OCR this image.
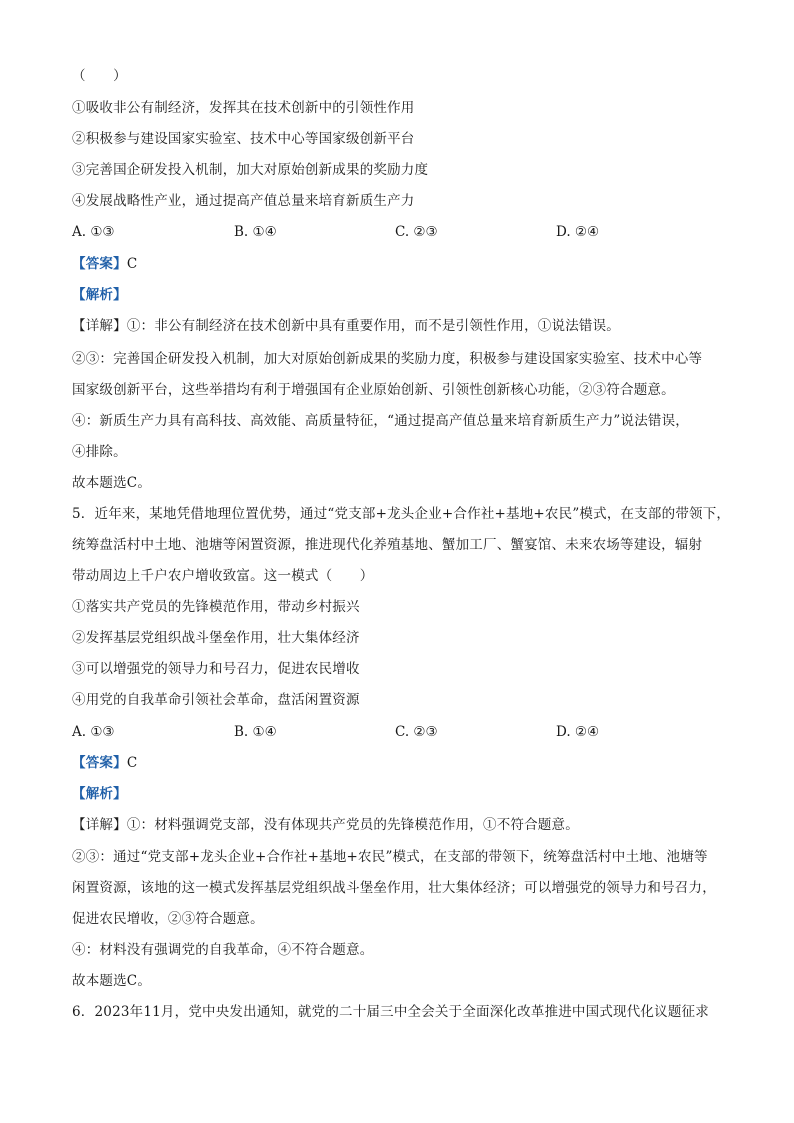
（　　）
①吸收非公有制经济，发挥其在技术创新中的引领性作用
②积极参与建设国家实验室、技术中心等国家级创新平台
③完善国企研发投入机制，加大对原始创新成果的奖励力度
④发展战略性产业，通过提高产值总量来培育新质生产力
A. ①③	B. ①④	C. ②③	D. ②④
【答案】C
【解析】
【详解】①：非公有制经济在技术创新中具有重要作用，而不是引领性作用，①说法错误。
②③：完善国企研发投入机制，加大对原始创新成果的奖励力度，积极参与建设国家实验室、技术中心等
国家级创新平台，这些举措均有利于增强国有企业原始创新、引领性创新核心功能，②③符合题意。
④：新质生产力具有高科技、高效能、高质量特征，“通过提高产值总量来培育新质生产力”说法错误，
④排除。
故本题选C。
5．近年来，某地凭借地理位置优势，通过“党支部+龙头企业+合作社+基地+农民”模式，在支部的带领下，
统筹盘活村中土地、池塘等闲置资源，推进现代化养殖基地、蟹加工厂、蟹宴馆、未来农场等建设，辐射
带动周边上千户农户增收致富。这一模式（　　）
①落实共产党员的先锋模范作用，带动乡村振兴
②发挥基层党组织战斗堡垒作用，壮大集体经济
③可以增强党的领导力和号召力，促进农民增收
④用党的自我革命引领社会革命，盘活闲置资源
A. ①③	B. ①④	C. ②③	D. ②④
【答案】C
【解析】
【详解】①：材料强调党支部，没有体现共产党员的先锋模范作用，①不符合题意。
②③：通过“党支部+龙头企业+合作社+基地+农民”模式，在支部的带领下，统筹盘活村中土地、池塘等
闲置资源，该地的这一模式发挥基层党组织战斗堡垒作用，壮大集体经济；可以增强党的领导力和号召力，
促进农民增收，②③符合题意。
④：材料没有强调党的自我革命，④不符合题意。
故本题选C。
6．2023年11月，党中央发出通知，就党的二十届三中全会关于全面深化改革推进中国式现代化议题征求
